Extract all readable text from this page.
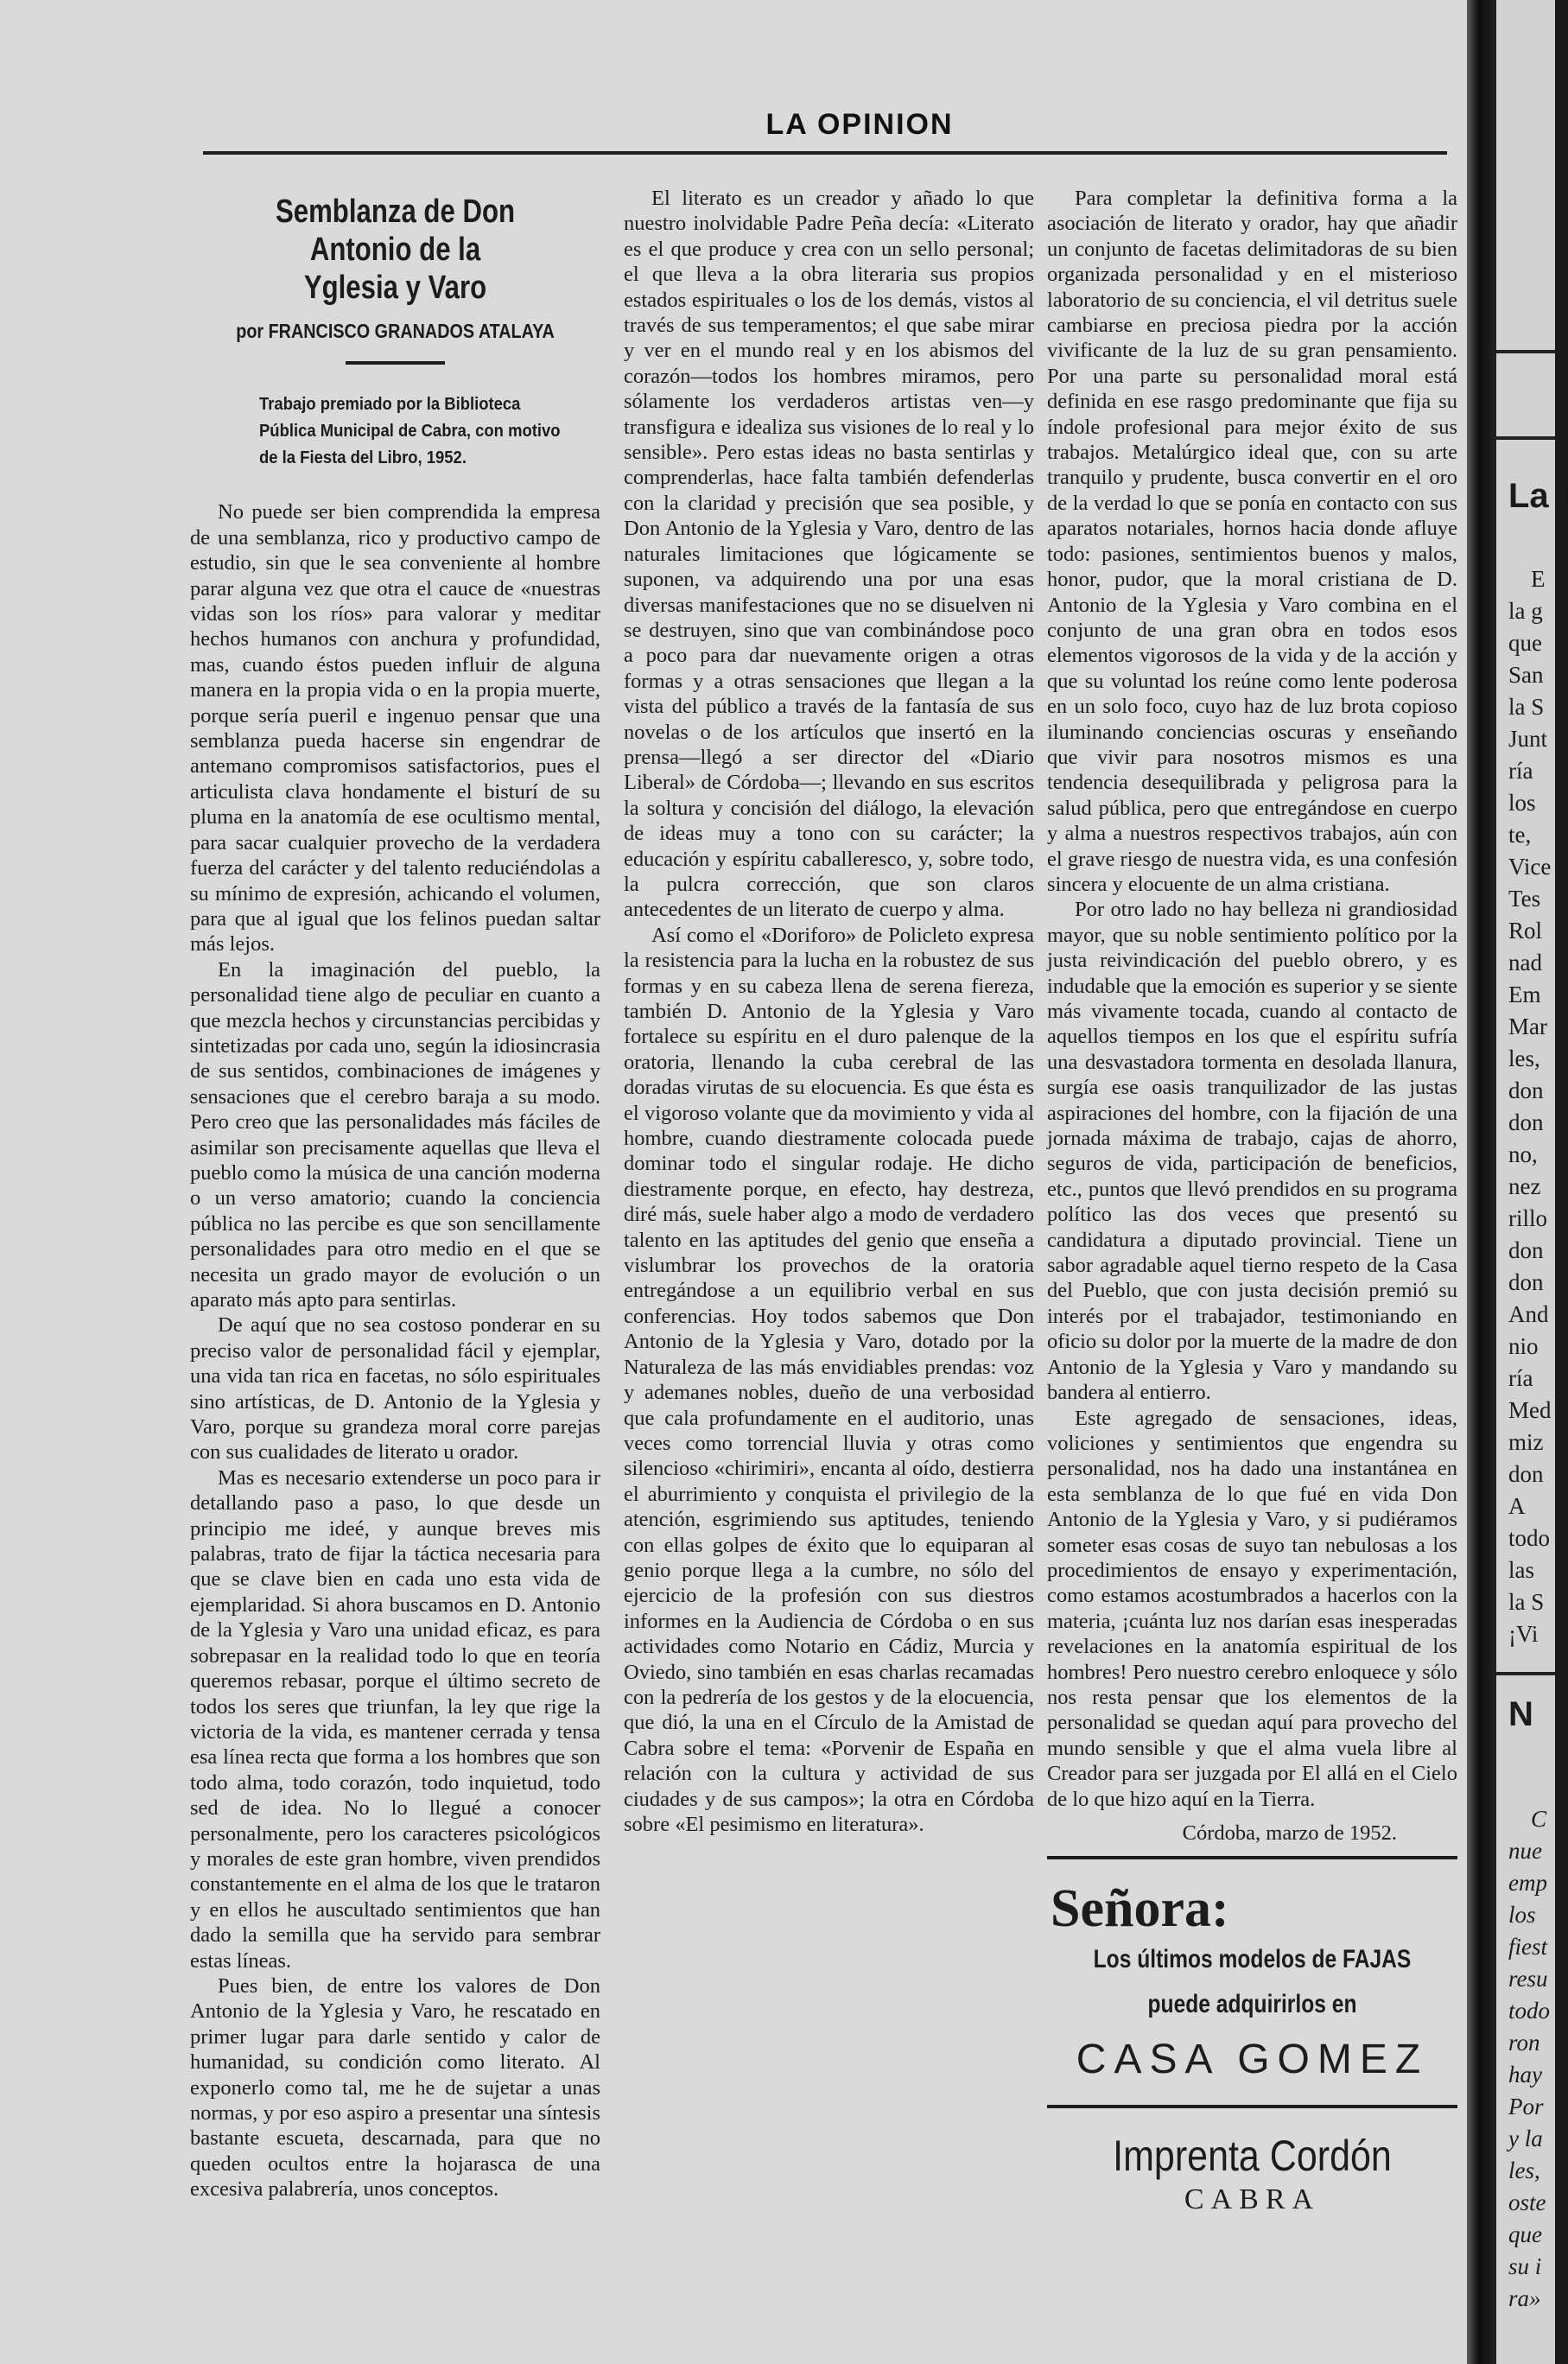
LA OPINION
Semblanza de Don Antonio de la
Yglesia y Varo
por FRANCISCO GRANADOS ATALAYA
Trabajo premiado por la Biblioteca Pública Municipal de Cabra, con motivo de la Fiesta del Libro, 1952.

No puede ser bien comprendida la empresa de una semblanza, rico y productivo campo de estudio, sin que le sea conveniente al hombre parar alguna vez que otra el cauce de «nuestras vidas son los ríos» para valorar y meditar hechos humanos con anchura y profundidad, mas, cuando éstos pueden influir de alguna manera en la propia vida o en la propia muerte, porque sería pueril e ingenuo pensar que una semblanza pueda hacerse sin engendrar de antemano compromisos satisfactorios, pues el articulista clava hondamente el bisturí de su pluma en la anatomía de ese ocultismo mental, para sacar cualquier provecho de la verdadera fuerza del carácter y del talento reduciéndolas a su mínimo de expresión, achicando el volumen, para que al igual que los felinos puedan saltar más lejos.

En la imaginación del pueblo, la personalidad tiene algo de peculiar en cuanto a que mezcla hechos y circunstancias percibidas y sintetizadas por cada uno, según la idiosincrasia de sus sentidos, combinaciones de imágenes y sensaciones que el cerebro baraja a su modo. Pero creo que las personalidades más fáciles de asimilar son precisamente aquellas que lleva el pueblo como la música de una canción moderna o un verso amatorio; cuando la conciencia pública no las percibe es que son sencillamente personalidades para otro medio en el que se necesita un grado mayor de evolución o un aparato más apto para sentirlas.

De aquí que no sea costoso ponderar en su preciso valor de personalidad fácil y ejemplar, una vida tan rica en facetas, no sólo espirituales sino artísticas, de D. Antonio de la Yglesia y Varo, porque su grandeza moral corre parejas con sus cualidades de literato u orador.

Mas es necesario extenderse un poco para ir detallando paso a paso, lo que desde un principio me ideé, y aunque breves mis palabras, trato de fijar la táctica necesaria para que se clave bien en cada uno esta vida de ejemplaridad. Si ahora buscamos en D. Antonio de la Yglesia y Varo una unidad eficaz, es para sobrepasar en la realidad todo lo que en teoría queremos rebasar, porque el último secreto de todos los seres que triunfan, la ley que rige la victoria de la vida, es mantener cerrada y tensa esa línea recta que forma a los hombres que son todo alma, todo corazón, todo inquietud, todo sed de idea. No lo llegué a conocer personalmente, pero los caracteres psicológicos y morales de este gran hombre, viven prendidos constantemente en el alma de los que le trataron y en ellos he auscultado sentimientos que han dado la semilla que ha servido para sembrar estas líneas.

Pues bien, de entre los valores de Don Antonio de la Yglesia y Varo, he rescatado en primer lugar para darle sentido y calor de humanidad, su condición como literato. Al exponerlo como tal, me he de sujetar a unas normas, y por eso aspiro a presentar una síntesis bastante escueta, descarnada, para que no queden ocultos entre la hojarasca de una excesiva palabrería, unos conceptos.

El literato es un creador y añado lo que nuestro inolvidable Padre Peña decía: «Literato es el que produce y crea con un sello personal; el que lleva a la obra literaria sus propios estados espirituales o los de los demás, vistos al través de sus temperamentos; el que sabe mirar y ver en el mundo real y en los abismos del corazón—todos los hombres miramos, pero sólamente los verdaderos artistas ven—y transfigura e idealiza sus visiones de lo real y lo sensible». Pero estas ideas no basta sentirlas y comprenderlas, hace falta también defenderlas con la claridad y precisión que sea posible, y Don Antonio de la Yglesia y Varo, dentro de las naturales limitaciones que lógicamente se suponen, va adquirendo una por una esas diversas manifestaciones que no se disuelven ni se destruyen, sino que van combinándose poco a poco para dar nuevamente origen a otras formas y a otras sensaciones que llegan a la vista del público a través de la fantasía de sus novelas o de los artículos que insertó en la prensa—llegó a ser director del «Diario Liberal» de Córdoba—; llevando en sus escritos la soltura y concisión del diálogo, la elevación de ideas muy a tono con su carácter; la educación y espíritu caballeresco, y, sobre todo, la pulcra corrección, que son claros antecedentes de un literato de cuerpo y alma.

Así como el «Doriforo» de Policleto expresa la resistencia para la lucha en la robustez de sus formas y en su cabeza llena de serena fiereza, también D. Antonio de la Yglesia y Varo fortalece su espíritu en el duro palenque de la oratoria, llenando la cuba cerebral de las doradas virutas de su elocuencia. Es que ésta es el vigoroso volante que da movimiento y vida al hombre, cuando diestramente colocada puede dominar todo el singular rodaje. He dicho diestramente porque, en efecto, hay destreza, diré más, suele haber algo a modo de verdadero talento en las aptitudes del genio que enseña a vislumbrar los provechos de la oratoria entregándose a un equilibrio verbal en sus conferencias. Hoy todos sabemos que Don Antonio de la Yglesia y Varo, dotado por la Naturaleza de las más envidiables prendas: voz y ademanes nobles, dueño de una verbosidad que cala profundamente en el auditorio, unas veces como torrencial lluvia y otras como silencioso «chirimiri», encanta al oído, destierra el aburrimiento y conquista el privilegio de la atención, esgrimiendo sus aptitudes, teniendo con ellas golpes de éxito que lo equiparan al genio porque llega a la cumbre, no sólo del ejercicio de la profesión con sus diestros informes en la Audiencia de Córdoba o en sus actividades como Notario en Cádiz, Murcia y Oviedo, sino también en esas charlas recamadas con la pedrería de los gestos y de la elocuencia, que dió, la una en el Círculo de la Amistad de Cabra sobre el tema: «Porvenir de España en relación con la cultura y actividad de sus ciudades y de sus campos»; la otra en Córdoba sobre «El pesimismo en literatura».

Para completar la definitiva forma a la asociación de literato y orador, hay que añadir un conjunto de facetas delimitadoras de su bien organizada personalidad y en el misterioso laboratorio de su conciencia, el vil detritus suele cambiarse en preciosa piedra por la acción vivificante de la luz de su gran pensamiento. Por una parte su personalidad moral está definida en ese rasgo predominante que fija su índole profesional para mejor éxito de sus trabajos. Metalúrgico ideal que, con su arte tranquilo y prudente, busca convertir en el oro de la verdad lo que se ponía en contacto con sus aparatos notariales, hornos hacia donde afluye todo: pasiones, sentimientos buenos y malos, honor, pudor, que la moral cristiana de D. Antonio de la Yglesia y Varo combina en el conjunto de una gran obra en todos esos elementos vigorosos de la vida y de la acción y que su voluntad los reúne como lente poderosa en un solo foco, cuyo haz de luz brota copioso iluminando conciencias oscuras y enseñando que vivir para nosotros mismos es una tendencia desequilibrada y peligrosa para la salud pública, pero que entregándose en cuerpo y alma a nuestros respectivos trabajos, aún con el grave riesgo de nuestra vida, es una confesión sincera y elocuente de un alma cristiana.

Por otro lado no hay belleza ni grandiosidad mayor, que su noble sentimiento político por la justa reivindicación del pueblo obrero, y es indudable que la emoción es superior y se siente más vivamente tocada, cuando al contacto de aquellos tiempos en los que el espíritu sufría una desvastadora tormenta en desolada llanura, surgía ese oasis tranquilizador de las justas aspiraciones del hombre, con la fijación de una jornada máxima de trabajo, cajas de ahorro, seguros de vida, participación de beneficios, etc., puntos que llevó prendidos en su programa político las dos veces que presentó su candidatura a diputado provincial. Tiene un sabor agradable aquel tierno respeto de la Casa del Pueblo, que con justa decisión premió su interés por el trabajador, testimoniando en oficio su dolor por la muerte de la madre de don Antonio de la Yglesia y Varo y mandando su bandera al entierro.

Este agregado de sensaciones, ideas, voliciones y sentimientos que engendra su personalidad, nos ha dado una instantánea en esta semblanza de lo que fué en vida Don Antonio de la Yglesia y Varo, y si pudiéramos someter esas cosas de suyo tan nebulosas a los procedimientos de ensayo y experimentación, como estamos acostumbrados a hacerlos con la materia, ¡cuánta luz nos darían esas inesperadas revelaciones en la anatomía espiritual de los hombres! Pero nuestro cerebro enloquece y sólo nos resta pensar que los elementos de la personalidad se quedan aquí para provecho del mundo sensible y que el alma vuela libre al Creador para ser juzgada por El allá en el Cielo de lo que hizo aquí en la Tierra.

Córdoba, marzo de 1952.
Señora:
Los últimos modelos de FAJAS
puede adquirirlos en
CASA GOMEZ
Imprenta Cordón
CABRA
La l
E
la g
que
San
la S
Junt
ría
los
te,
Vice
Tes
Rol
nad
Em
Mar
les,
don
don
no,
nez
rillo
don
don
And
nio
ría
Med
miz
don
A
todo
las
la S
¡Vi
N
C
nue
emp
los
fiest
resu
todo
ron
hay
Por
y la
les,
oste
que
su i
ra»
